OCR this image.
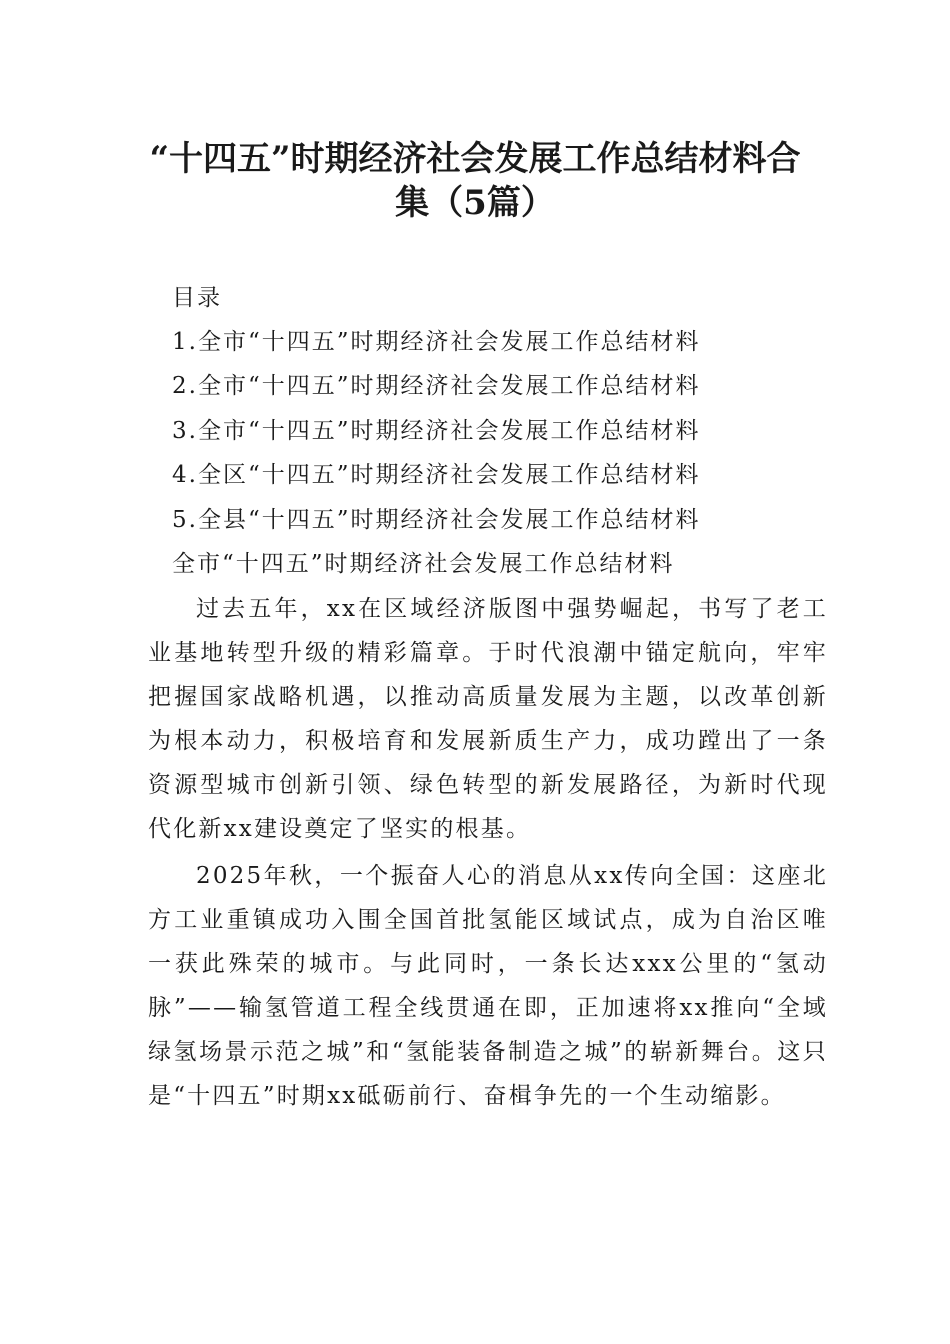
“十四五”时期经济社会发展工作总结材料合
集（5篇）
目录
1.全市“十四五”时期经济社会发展工作总结材料
2.全市“十四五”时期经济社会发展工作总结材料
3.全市“十四五”时期经济社会发展工作总结材料
4.全区“十四五”时期经济社会发展工作总结材料
5.全县“十四五”时期经济社会发展工作总结材料
全市“十四五”时期经济社会发展工作总结材料

过去五年，xx在区域经济版图中强势崛起，书写了老工业基地转型升级的精彩篇章。于时代浪潮中锚定航向，牢牢把握国家战略机遇，以推动高质量发展为主题，以改革创新为根本动力，积极培育和发展新质生产力，成功蹚出了一条资源型城市创新引领、绿色转型的新发展路径，为新时代现代化新xx建设奠定了坚实的根基。

2025年秋，一个振奋人心的消息从xx传向全国：这座北方工业重镇成功入围全国首批氢能区域试点，成为自治区唯一获此殊荣的城市。与此同时，一条长达xxx公里的“氢动脉”——输氢管道工程全线贯通在即，正加速将xx推向“全域绿氢场景示范之城”和“氢能装备制造之城”的崭新舞台。这只是“十四五”时期xx砥砺前行、奋楫争先的一个生动缩影。
